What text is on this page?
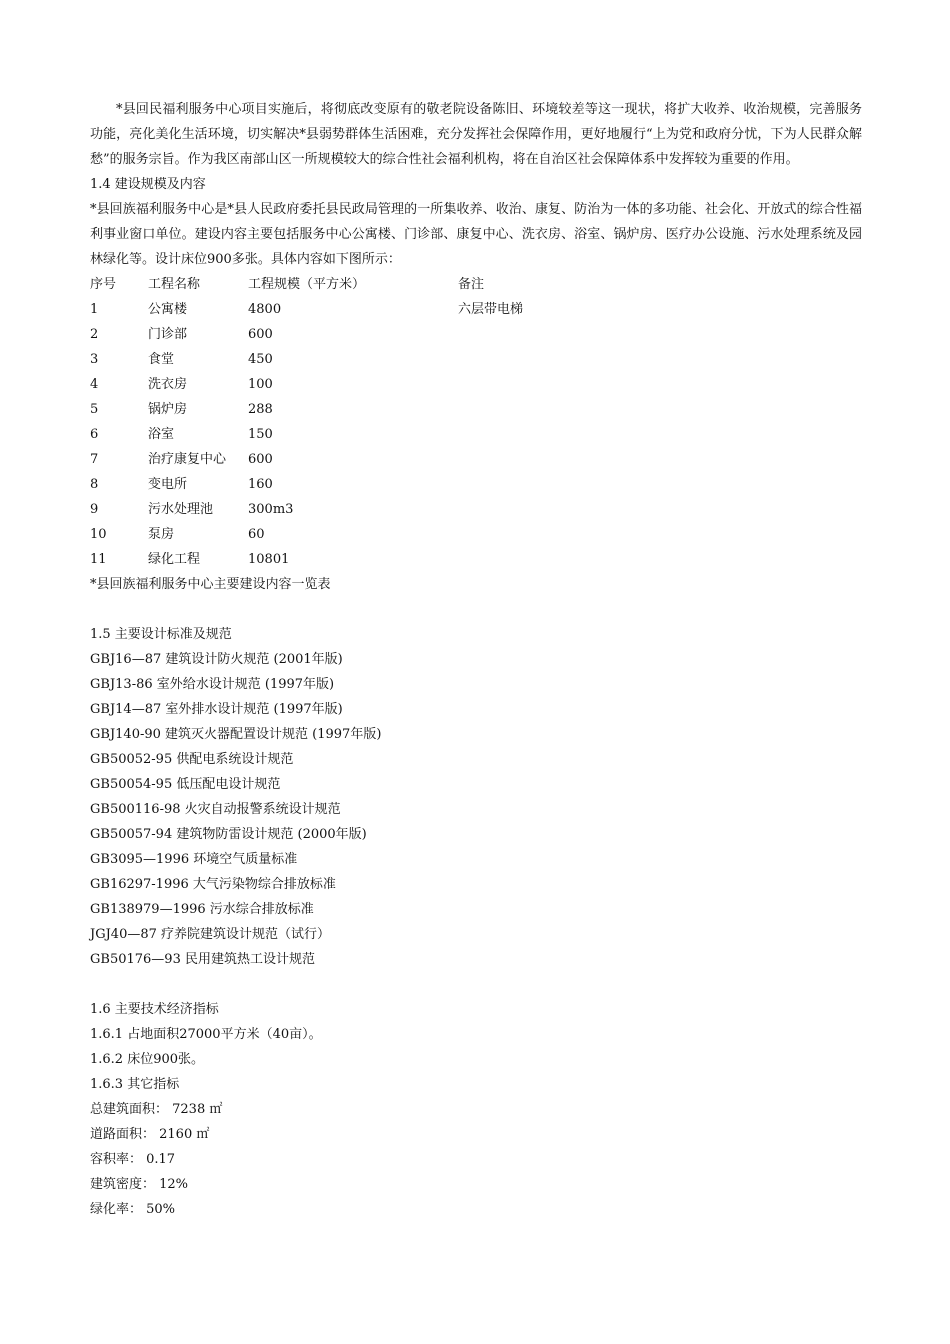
*县回民福利服务中心项目实施后，将彻底改变原有的敬老院设备陈旧、环境较差等这一现状，将扩大收养、收治规模，完善服务功能，亮化美化生活环境，切实解决*县弱势群体生活困难，充分发挥社会保障作用，更好地履行“上为党和政府分忧，下为人民群众解愁”的服务宗旨。作为我区南部山区一所规模较大的综合性社会福利机构，将在自治区社会保障体系中发挥较为重要的作用。

1.4 建设规模及内容

*县回族福利服务中心是*县人民政府委托县民政局管理的一所集收养、收治、康复、防治为一体的多功能、社会化、开放式的综合性福利事业窗口单位。建设内容主要包括服务中心公寓楼、门诊部、康复中心、洗衣房、浴室、锅炉房、医疗办公设施、污水处理系统及园林绿化等。设计床位900多张。具体内容如下图所示：

序号	工程名称	工程规模（平方米）	备注
1	公寓楼	4800	六层带电梯
2	门诊部	600
3	食堂	450
4	洗衣房	100
5	锅炉房	288
6	浴室	150
7	治疗康复中心	600
8	变电所	160
9	污水处理池	300m3
10	泵房	60
11	绿化工程	10801
*县回族福利服务中心主要建设内容一览表
1.5 主要设计标准及规范
GBJ16—87 建筑设计防火规范 (2001年版)
GBJ13-86 室外给水设计规范 (1997年版)
GBJ14—87 室外排水设计规范 (1997年版)
GBJ140-90 建筑灭火器配置设计规范 (1997年版)
GB50052-95 供配电系统设计规范
GB50054-95 低压配电设计规范
GB500116-98 火灾自动报警系统设计规范
GB50057-94 建筑物防雷设计规范 (2000年版)
GB3095—1996 环境空气质量标准
GB16297-1996 大气污染物综合排放标准
GB138979—1996 污水综合排放标准
JGJ40—87 疗养院建筑设计规范（试行）
GB50176—93 民用建筑热工设计规范
1.6 主要技术经济指标
1.6.1 占地面积27000平方米（40亩）。
1.6.2 床位900张。
1.6.3 其它指标
总建筑面积： 7238 ㎡
道路面积： 2160 ㎡
容积率： 0.17
建筑密度： 12%
绿化率： 50%
